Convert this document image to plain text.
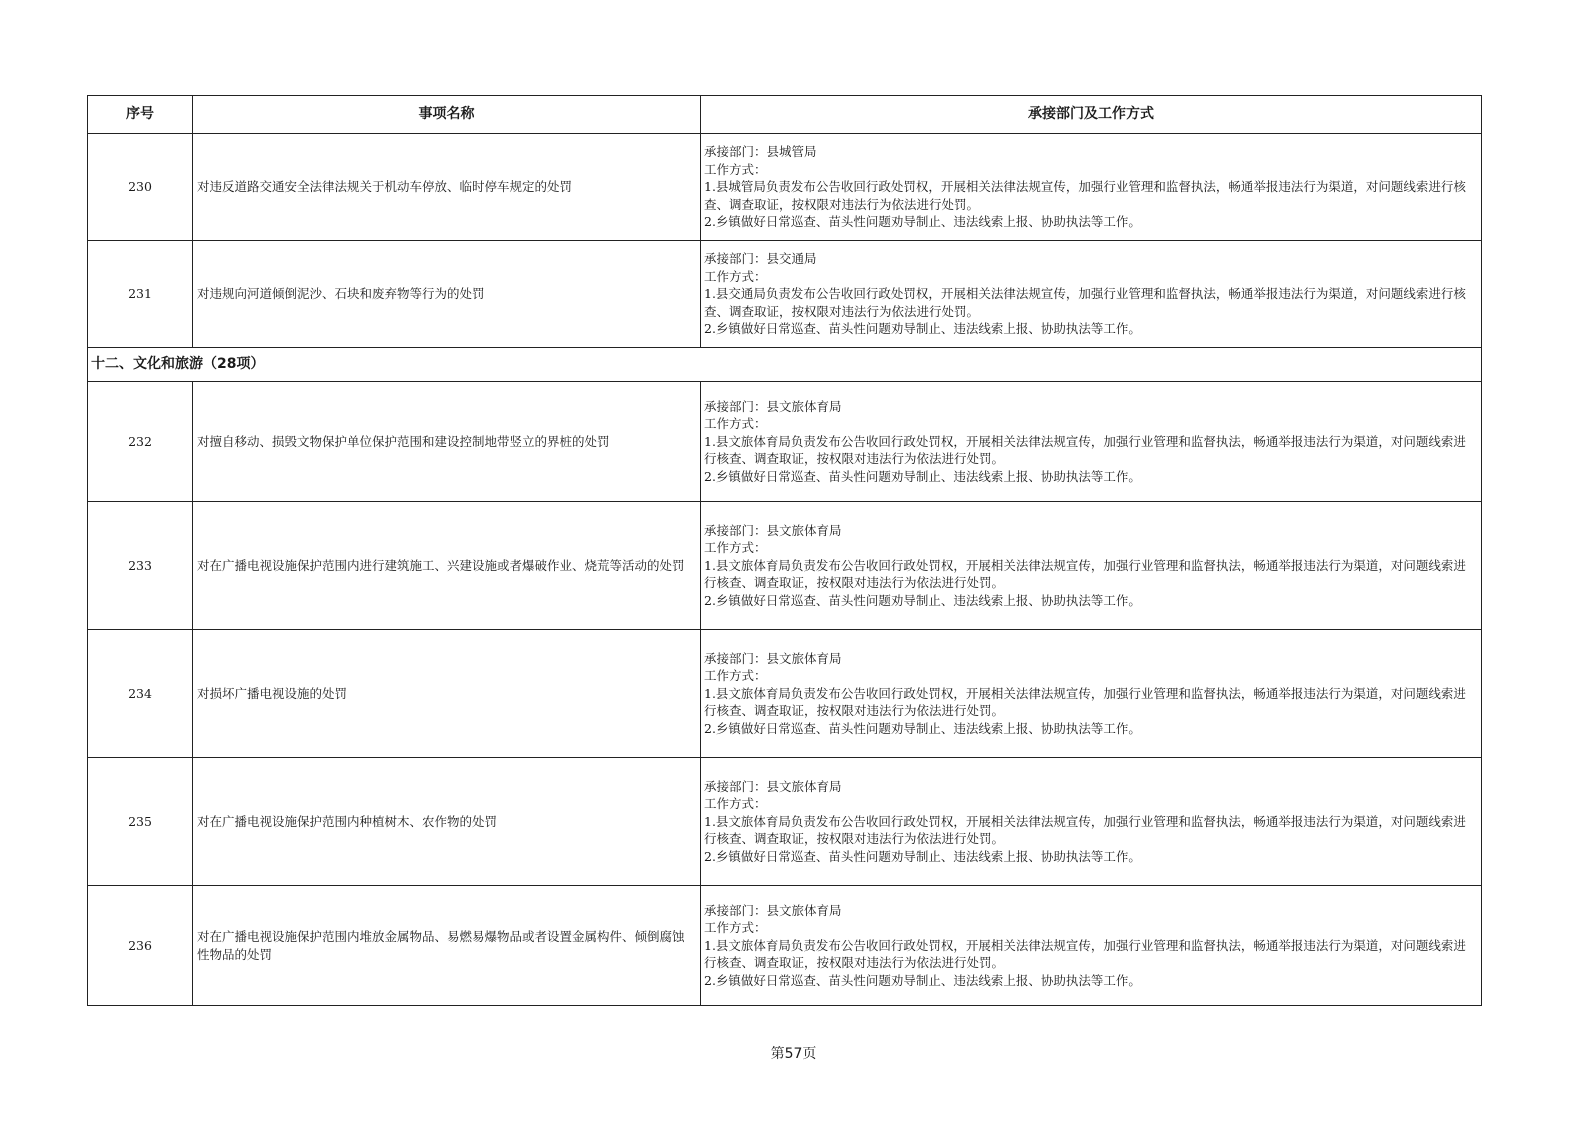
序号	事项名称	承接部门及工作方式
230	对违反道路交通安全法律法规关于机动车停放、临时停车规定的处罚	承接部门：县城管局
工作方式：
1.县城管局负责发布公告收回行政处罚权，开展相关法律法规宣传，加强行业管理和监督执法，畅通举报违法行为渠道，对问题线索进行核查、调查取证，按权限对违法行为依法进行处罚。
2.乡镇做好日常巡查、苗头性问题劝导制止、违法线索上报、协助执法等工作。

231	对违规向河道倾倒泥沙、石块和废弃物等行为的处罚	承接部门：县交通局
工作方式：
1.县交通局负责发布公告收回行政处罚权，开展相关法律法规宣传，加强行业管理和监督执法，畅通举报违法行为渠道，对问题线索进行核查、调查取证，按权限对违法行为依法进行处罚。
2.乡镇做好日常巡查、苗头性问题劝导制止、违法线索上报、协助执法等工作。

十二、文化和旅游（28项）		
232	对擅自移动、损毁文物保护单位保护范围和建设控制地带竖立的界桩的处罚	承接部门：县文旅体育局
工作方式：
1.县文旅体育局负责发布公告收回行政处罚权，开展相关法律法规宣传，加强行业管理和监督执法，畅通举报违法行为渠道，对问题线索进行核查、调查取证，按权限对违法行为依法进行处罚。
2.乡镇做好日常巡查、苗头性问题劝导制止、违法线索上报、协助执法等工作。

233	对在广播电视设施保护范围内进行建筑施工、兴建设施或者爆破作业、烧荒等活动的处罚	承接部门：县文旅体育局
工作方式：
1.县文旅体育局负责发布公告收回行政处罚权，开展相关法律法规宣传，加强行业管理和监督执法，畅通举报违法行为渠道，对问题线索进行核查、调查取证，按权限对违法行为依法进行处罚。
2.乡镇做好日常巡查、苗头性问题劝导制止、违法线索上报、协助执法等工作。

234	对损坏广播电视设施的处罚	承接部门：县文旅体育局
工作方式：
1.县文旅体育局负责发布公告收回行政处罚权，开展相关法律法规宣传，加强行业管理和监督执法，畅通举报违法行为渠道，对问题线索进行核查、调查取证，按权限对违法行为依法进行处罚。
2.乡镇做好日常巡查、苗头性问题劝导制止、违法线索上报、协助执法等工作。

235	对在广播电视设施保护范围内种植树木、农作物的处罚	承接部门：县文旅体育局
工作方式：
1.县文旅体育局负责发布公告收回行政处罚权，开展相关法律法规宣传，加强行业管理和监督执法，畅通举报违法行为渠道，对问题线索进行核查、调查取证，按权限对违法行为依法进行处罚。
2.乡镇做好日常巡查、苗头性问题劝导制止、违法线索上报、协助执法等工作。

236	对在广播电视设施保护范围内堆放金属物品、易燃易爆物品或者设置金属构件、倾倒腐蚀性物品的处罚	承接部门：县文旅体育局
工作方式：
1.县文旅体育局负责发布公告收回行政处罚权，开展相关法律法规宣传，加强行业管理和监督执法，畅通举报违法行为渠道，对问题线索进行核查、调查取证，按权限对违法行为依法进行处罚。
2.乡镇做好日常巡查、苗头性问题劝导制止、违法线索上报、协助执法等工作。
第57页
